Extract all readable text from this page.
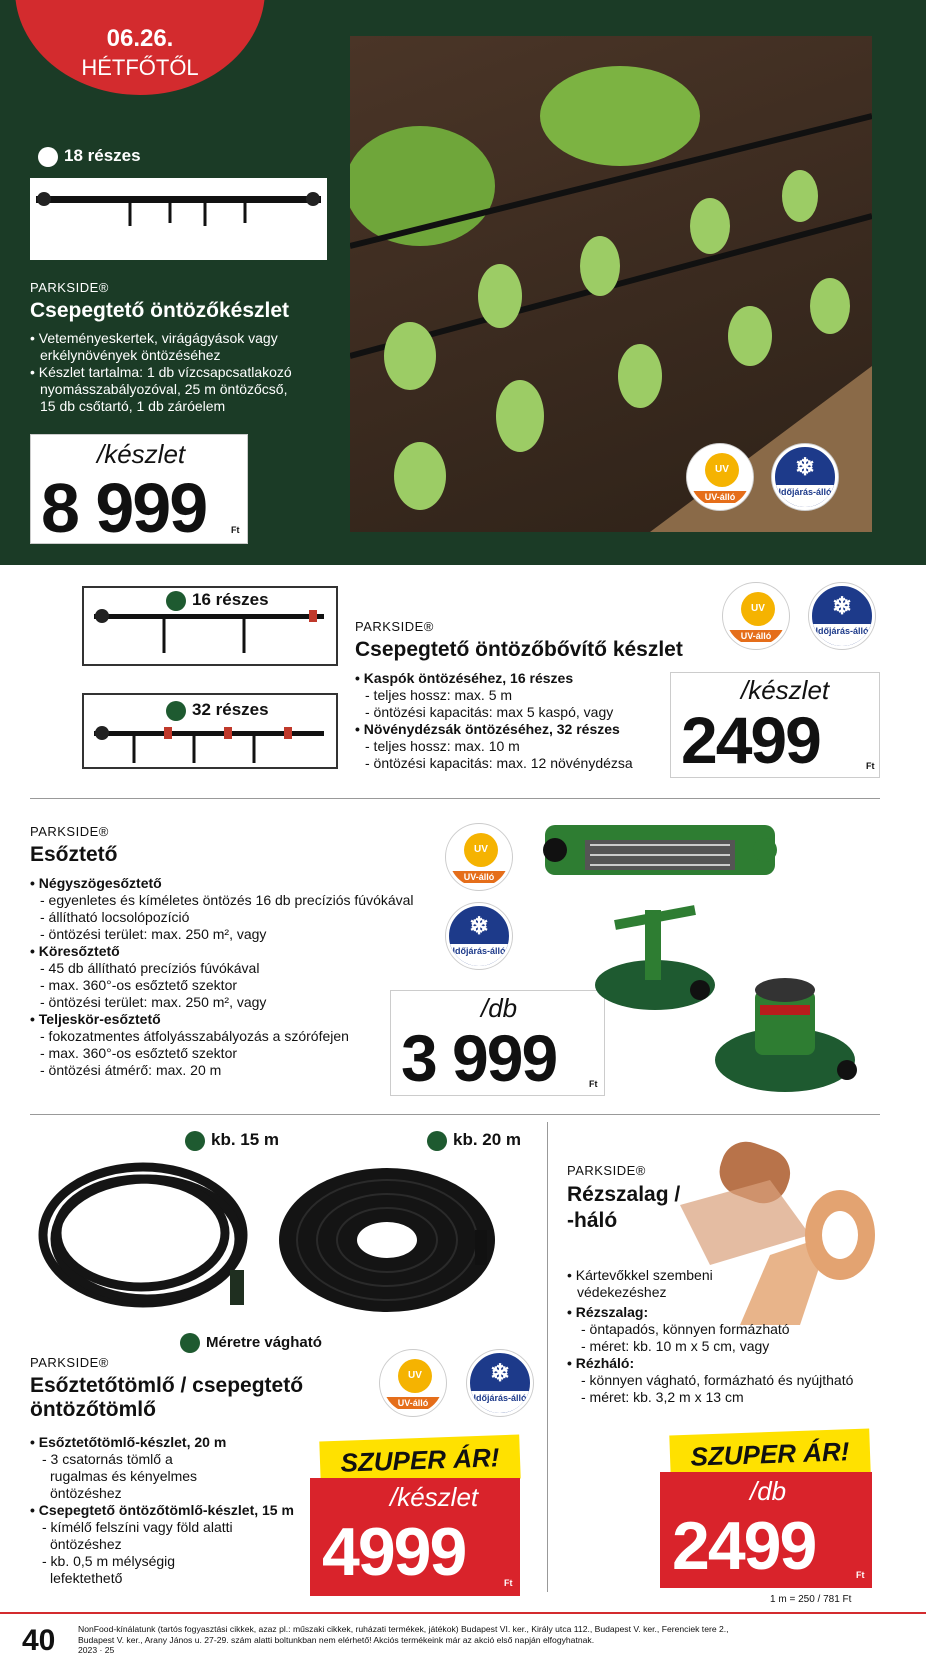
06.26.
HÉTFŐTŐL
18 részes
PARKSIDE®
Csepegtető öntözőkészlet
• Veteményeskertek, virágágyások vagy
erkélynövények öntözéséhez
• Készlet tartalma: 1 db vízcsapcsatlakozó
nyomásszabályozóval, 25 m öntözőcső,
15 db csőtartó, 1 db záróelem
/készlet
8 999	Ft
UV
UV-álló
❄
Időjárás-álló
16 részes
32 részes
PARKSIDE®
Csepegtető öntözőbővítő készlet
• Kaspók öntözéséhez, 16 részes
- teljes hossz: max. 5 m
- öntözési kapacitás: max 5 kaspó, vagy
• Növénydézsák öntözéséhez, 32 részes
- teljes hossz: max. 10 m
- öntözési kapacitás: max. 12 növénydézsa
UV
UV-álló
❄
Időjárás-álló
/készlet
2499	Ft
PARKSIDE®
Esőztető
• Négyszögesőztető
- egyenletes és kíméletes öntözés 16 db precíziós fúvókával
- állítható locsolópozíció
- öntözési terület: max. 250 m², vagy
• Köresőztető
- 45 db állítható precíziós fúvókával
- max. 360°-os esőztető szektor
- öntözési terület: max. 250 m², vagy
• Teljeskör-esőztető
- fokozatmentes átfolyásszabályozás a szórófejen
- max. 360°-os esőztető szektor
- öntözési átmérő: max. 20 m
UV
UV-álló
❄
Időjárás-álló
/db
3 999	Ft
kb. 15 m	kb. 20 m
Méretre vágható
PARKSIDE®
Esőztetőtömlő / csepegtető
öntözőtömlő
• Esőztetőtömlő-készlet, 20 m
- 3 csatornás tömlő a
rugalmas és kényelmes
öntözéshez
• Csepegtető öntözőtömlő-készlet, 15 m
- kímélő felszíni vagy föld alatti
öntözéshez
- kb. 0,5 m mélységig
lefektethető
UV
UV-álló
❄
Időjárás-álló
SZUPER ÁR!
/készlet
4999	Ft
PARKSIDE®
Rézszalag /
-háló
• Kártevőkkel szembeni
védekezéshez
• Rézszalag:
- öntapadós, könnyen formázható
- méret: kb. 10 m x 5 cm, vagy
• Rézháló:
- könnyen vágható, formázható és nyújtható
- méret: kb. 3,2 m x 13 cm
SZUPER ÁR!
/db
2499	Ft
1 m = 250 / 781 Ft
40	NonFood-kínálatunk (tartós fogyasztási cikkek, azaz pl.: műszaki cikkek, ruházati termékek, játékok) Budapest VI. ker., Király utca 112., Budapest V. ker., Ferenciek tere 2.,
Budapest V. ker., Arany János u. 27-29. szám alatti boltunkban nem elérhető! Akciós termékeink már az akció első napján elfogyhatnak.
2023 · 25
